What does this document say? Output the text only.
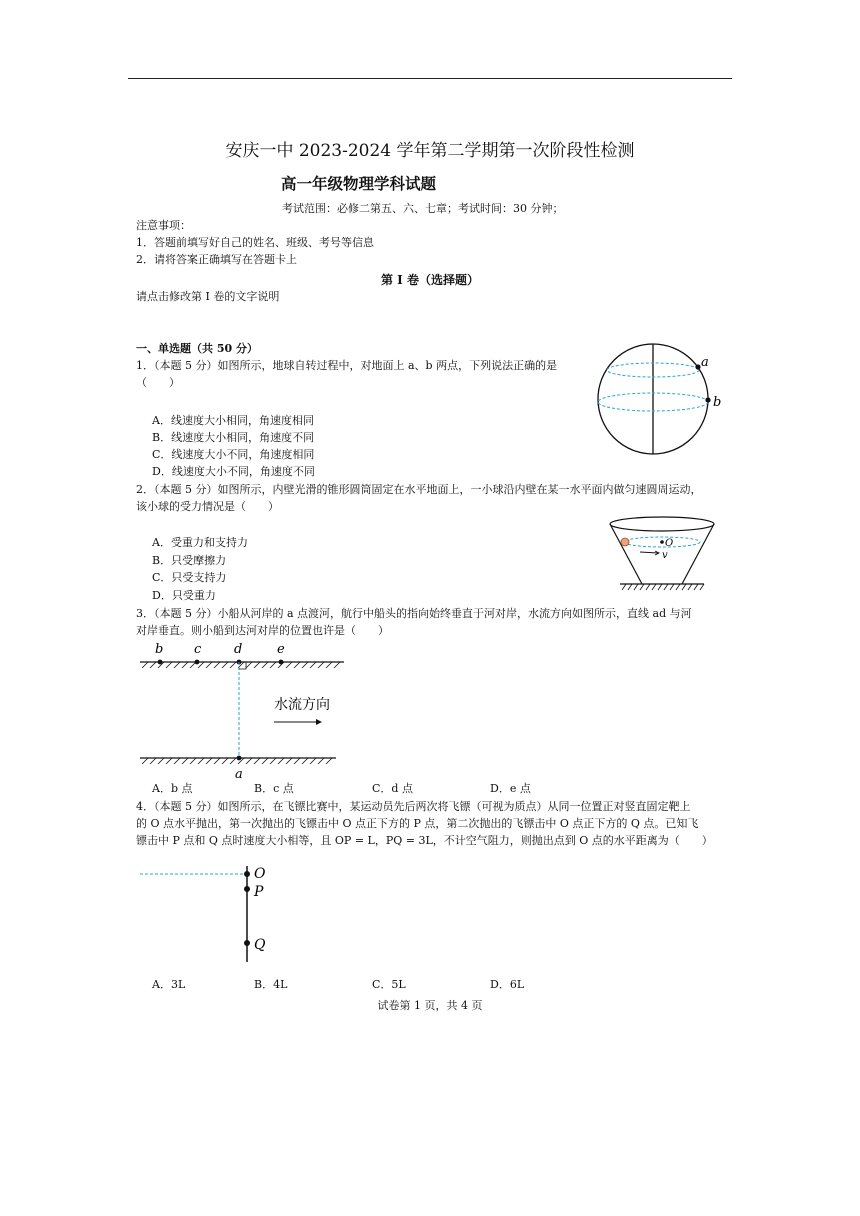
安庆一中 2023-2024 学年第二学期第一次阶段性检测
高一年级物理学科试题
考试范围：必修二第五、六、七章；考试时间：30 分钟；
注意事项：
1．答题前填写好自己的姓名、班级、考号等信息
2．请将答案正确填写在答题卡上
第 I 卷（选择题）
请点击修改第 I 卷的文字说明
一、单选题（共 50 分）
1．（本题 5 分）如图所示，地球自转过程中，对地面上 a、b 两点，下列说法正确的是
（　　）
A．线速度大小相同，角速度相同
B．线速度大小相同，角速度不同
C．线速度大小不同，角速度相同
D．线速度大小不同，角速度不同
a
b
2．（本题 5 分）如图所示，内壁光滑的锥形圆筒固定在水平地面上，一小球沿内壁在某一水平面内做匀速圆周运动，
该小球的受力情况是（　　）
A．受重力和支持力
B．只受摩擦力
C．只受支持力
D．只受重力
O
v
3．（本题 5 分）小船从河岸的 a 点渡河，航行中船头的指向始终垂直于河对岸，水流方向如图所示，直线 ad 与河
对岸垂直。则小船到达河对岸的位置也许是（　　）
b c	d	e
水流方向
a
A．b 点	B．c 点	C．d 点	D．e 点
4．（本题 5 分）如图所示，在飞镖比赛中，某运动员先后两次将飞镖（可视为质点）从同一位置正对竖直固定靶上
的 O 点水平抛出，第一次抛出的飞镖击中 O 点正下方的 P 点，第二次抛出的飞镖击中 O 点正下方的 Q 点。已知飞
镖击中 P 点和 Q 点时速度大小相等，且 OP = L，PQ = 3L，不计空气阻力，则抛出点到 O 点的水平距离为（　　）
O
P
Q
A．3L	B．4L	C．5L	D．6L
试卷第 1 页，共 4 页
